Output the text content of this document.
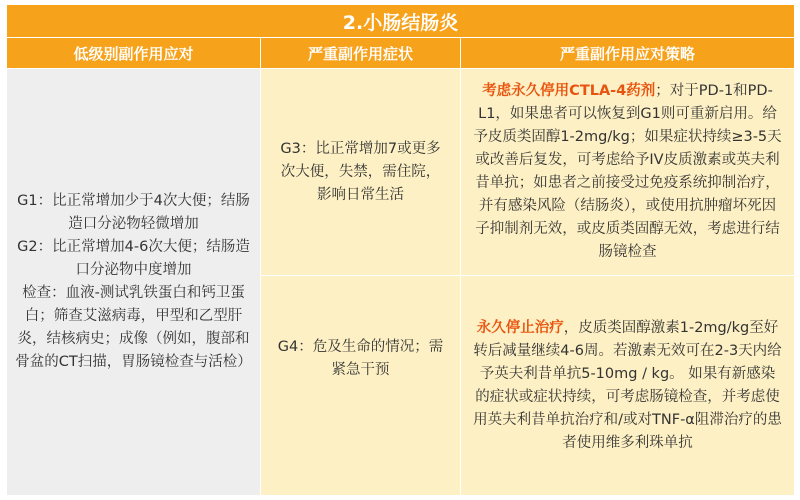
2.小肠结肠炎		
低级别副作用应对	严重副作用症状	严重副作用应对策略

G1：比正常增加少于4次大便；结肠造口分泌物轻微增加
G2：比正常增加4-6次大便；结肠造口分泌物中度增加
检查：血液-测试乳铁蛋白和钙卫蛋白；筛查艾滋病毒，甲型和乙型肝炎，结核病史；成像（例如，腹部和骨盆的CT扫描，胃肠镜检查与活检）	G3：比正常增加7或更多次大便，失禁，需住院，影响日常生活	考虑永久停用CTLA-4药剂；对于PD-1和PD-L1，如果患者可以恢复到G1则可重新启用。给予皮质类固醇1-2mg/kg；如果症状持续≥3-5天或改善后复发，可考虑给予IV皮质激素或英夫利昔单抗；如患者之前接受过免疫系统抑制治疗，并有感染风险（结肠炎），或使用抗肿瘤坏死因子抑制剂无效，或皮质类固醇无效，考虑进行结肠镜检查

	G4：危及生命的情况；需紧急干预	永久停止治疗，皮质类固醇激素1-2mg/kg至好转后减量继续4-6周。若激素无效可在2-3天内给予英夫利昔单抗5-10mg / kg。 如果有新感染的症状或症状持续，可考虑肠镜检查，并考虑使用英夫利昔单抗治疗和/或对TNF-α阻滞治疗的患者使用维多利珠单抗
